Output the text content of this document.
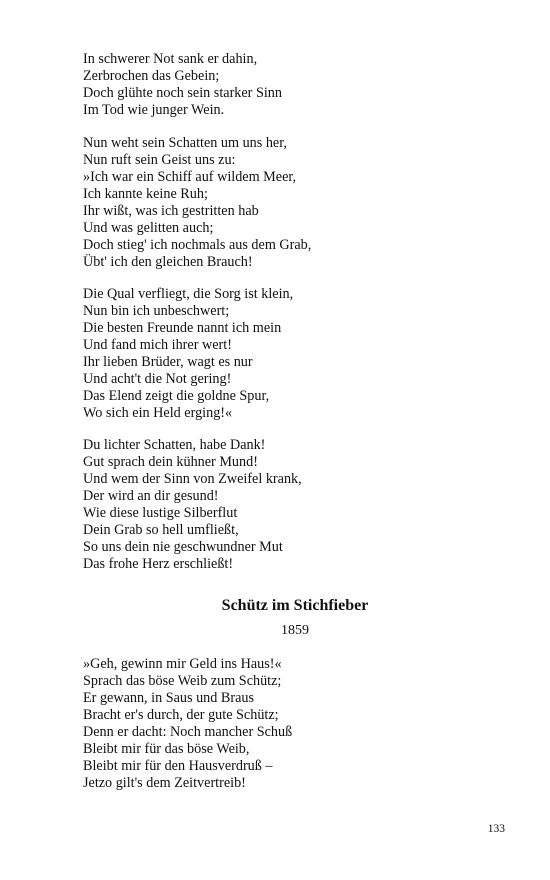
In schwerer Not sank er dahin,
Zerbrochen das Gebein;
Doch glühte noch sein starker Sinn
Im Tod wie junger Wein.
Nun weht sein Schatten um uns her,
Nun ruft sein Geist uns zu:
»Ich war ein Schiff auf wildem Meer,
Ich kannte keine Ruh;
Ihr wißt, was ich gestritten hab
Und was gelitten auch;
Doch stieg' ich nochmals aus dem Grab,
Übt' ich den gleichen Brauch!
Die Qual verfliegt, die Sorg ist klein,
Nun bin ich unbeschwert;
Die besten Freunde nannt ich mein
Und fand mich ihrer wert!
Ihr lieben Brüder, wagt es nur
Und acht't die Not gering!
Das Elend zeigt die goldne Spur,
Wo sich ein Held erging!«
Du lichter Schatten, habe Dank!
Gut sprach dein kühner Mund!
Und wem der Sinn von Zweifel krank,
Der wird an dir gesund!
Wie diese lustige Silberflut
Dein Grab so hell umfließt,
So uns dein nie geschwundner Mut
Das frohe Herz erschließt!
Schütz im Stichfieber
1859
»Geh, gewinn mir Geld ins Haus!«
Sprach das böse Weib zum Schütz;
Er gewann, in Saus und Braus
Bracht er's durch, der gute Schütz;
Denn er dacht: Noch mancher Schuß
Bleibt mir für das böse Weib,
Bleibt mir für den Hausverdruß –
Jetzo gilt's dem Zeitvertreib!
133
